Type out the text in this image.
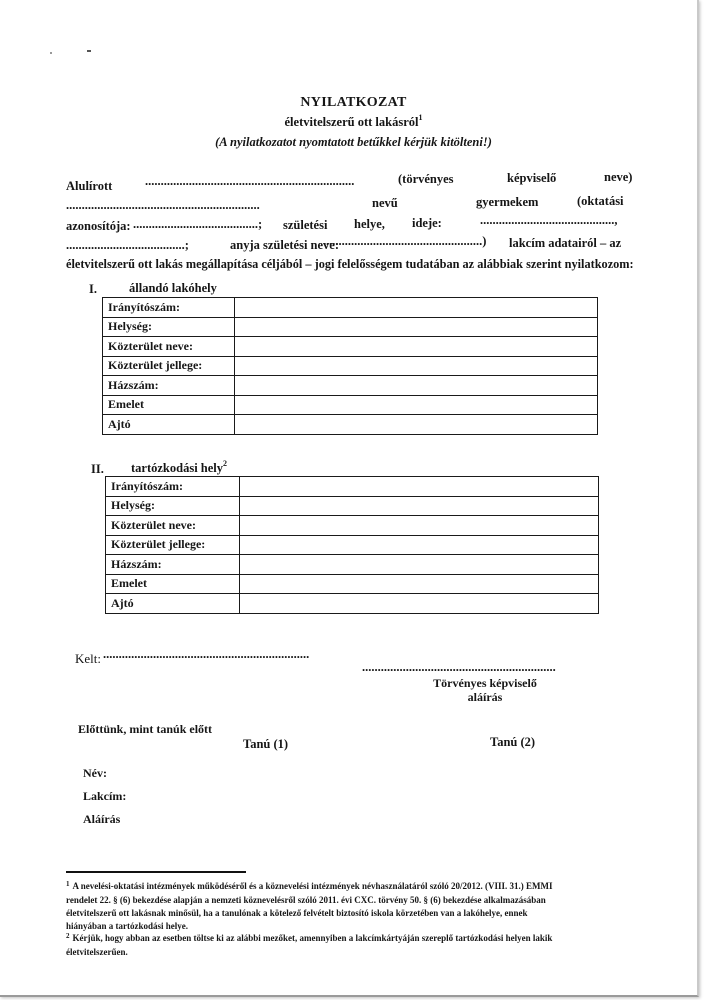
NYILATKOZAT
életvitelszerű ott lakásról$^1$
(A nyilatkozatot nyomtatott betűkkel kérjük kitölteni!)
Alulírott	...................................................................	(törvényes	képviselő	neve)
..............................................................	nevű	gyermekem	(oktatási
azonosítója: ........................................; születési helye, ideje:	...........................................,
......................................;	anyja születési neve:
..................................................) lakcím adatairól – az
életvitelszerű ott lakás megállapítása céljából – jogi felelősségem tudatában az alábbiak szerint nyilatkozom:
I.	állandó lakóhely
Irányítószám:	
Helység:	
Közterület neve:	
Közterület jellege:	
Házszám:	
Emelet	
Ajtó	
II. tartózkodási hely$^2$
Irányítószám:	
Helység:	
Közterület neve:	
Közterület jellege:	
Házszám:	
Emelet	
Ajtó	
Kelt: ..................................................................
..............................................................
Törvényes képviselő
aláírás
Előttünk, mint tanúk előtt
Tanú (1)	Tanú (2)
Név:
Lakcím:
Aláírás
$^1$ A nevelési-oktatási intézmények működéséről és a köznevelési intézmények névhasználatáról szóló 20/2012. (VIII. 31.) EMMI
rendelet 22. § (6) bekezdése alapján a nemzeti köznevelésről szóló 2011. évi CXC. törvény 50. § (6) bekezdése alkalmazásában
életvitelszerű ott lakásnak minősül, ha a tanulónak a kötelező felvételt biztosító iskola körzetében van a lakóhelye, ennek
hiányában a tartózkodási helye.
$^2$ Kérjük, hogy abban az esetben töltse ki az alábbi mezőket, amennyiben a lakcímkártyáján szereplő tartózkodási helyen lakik
életvitelszerűen.
